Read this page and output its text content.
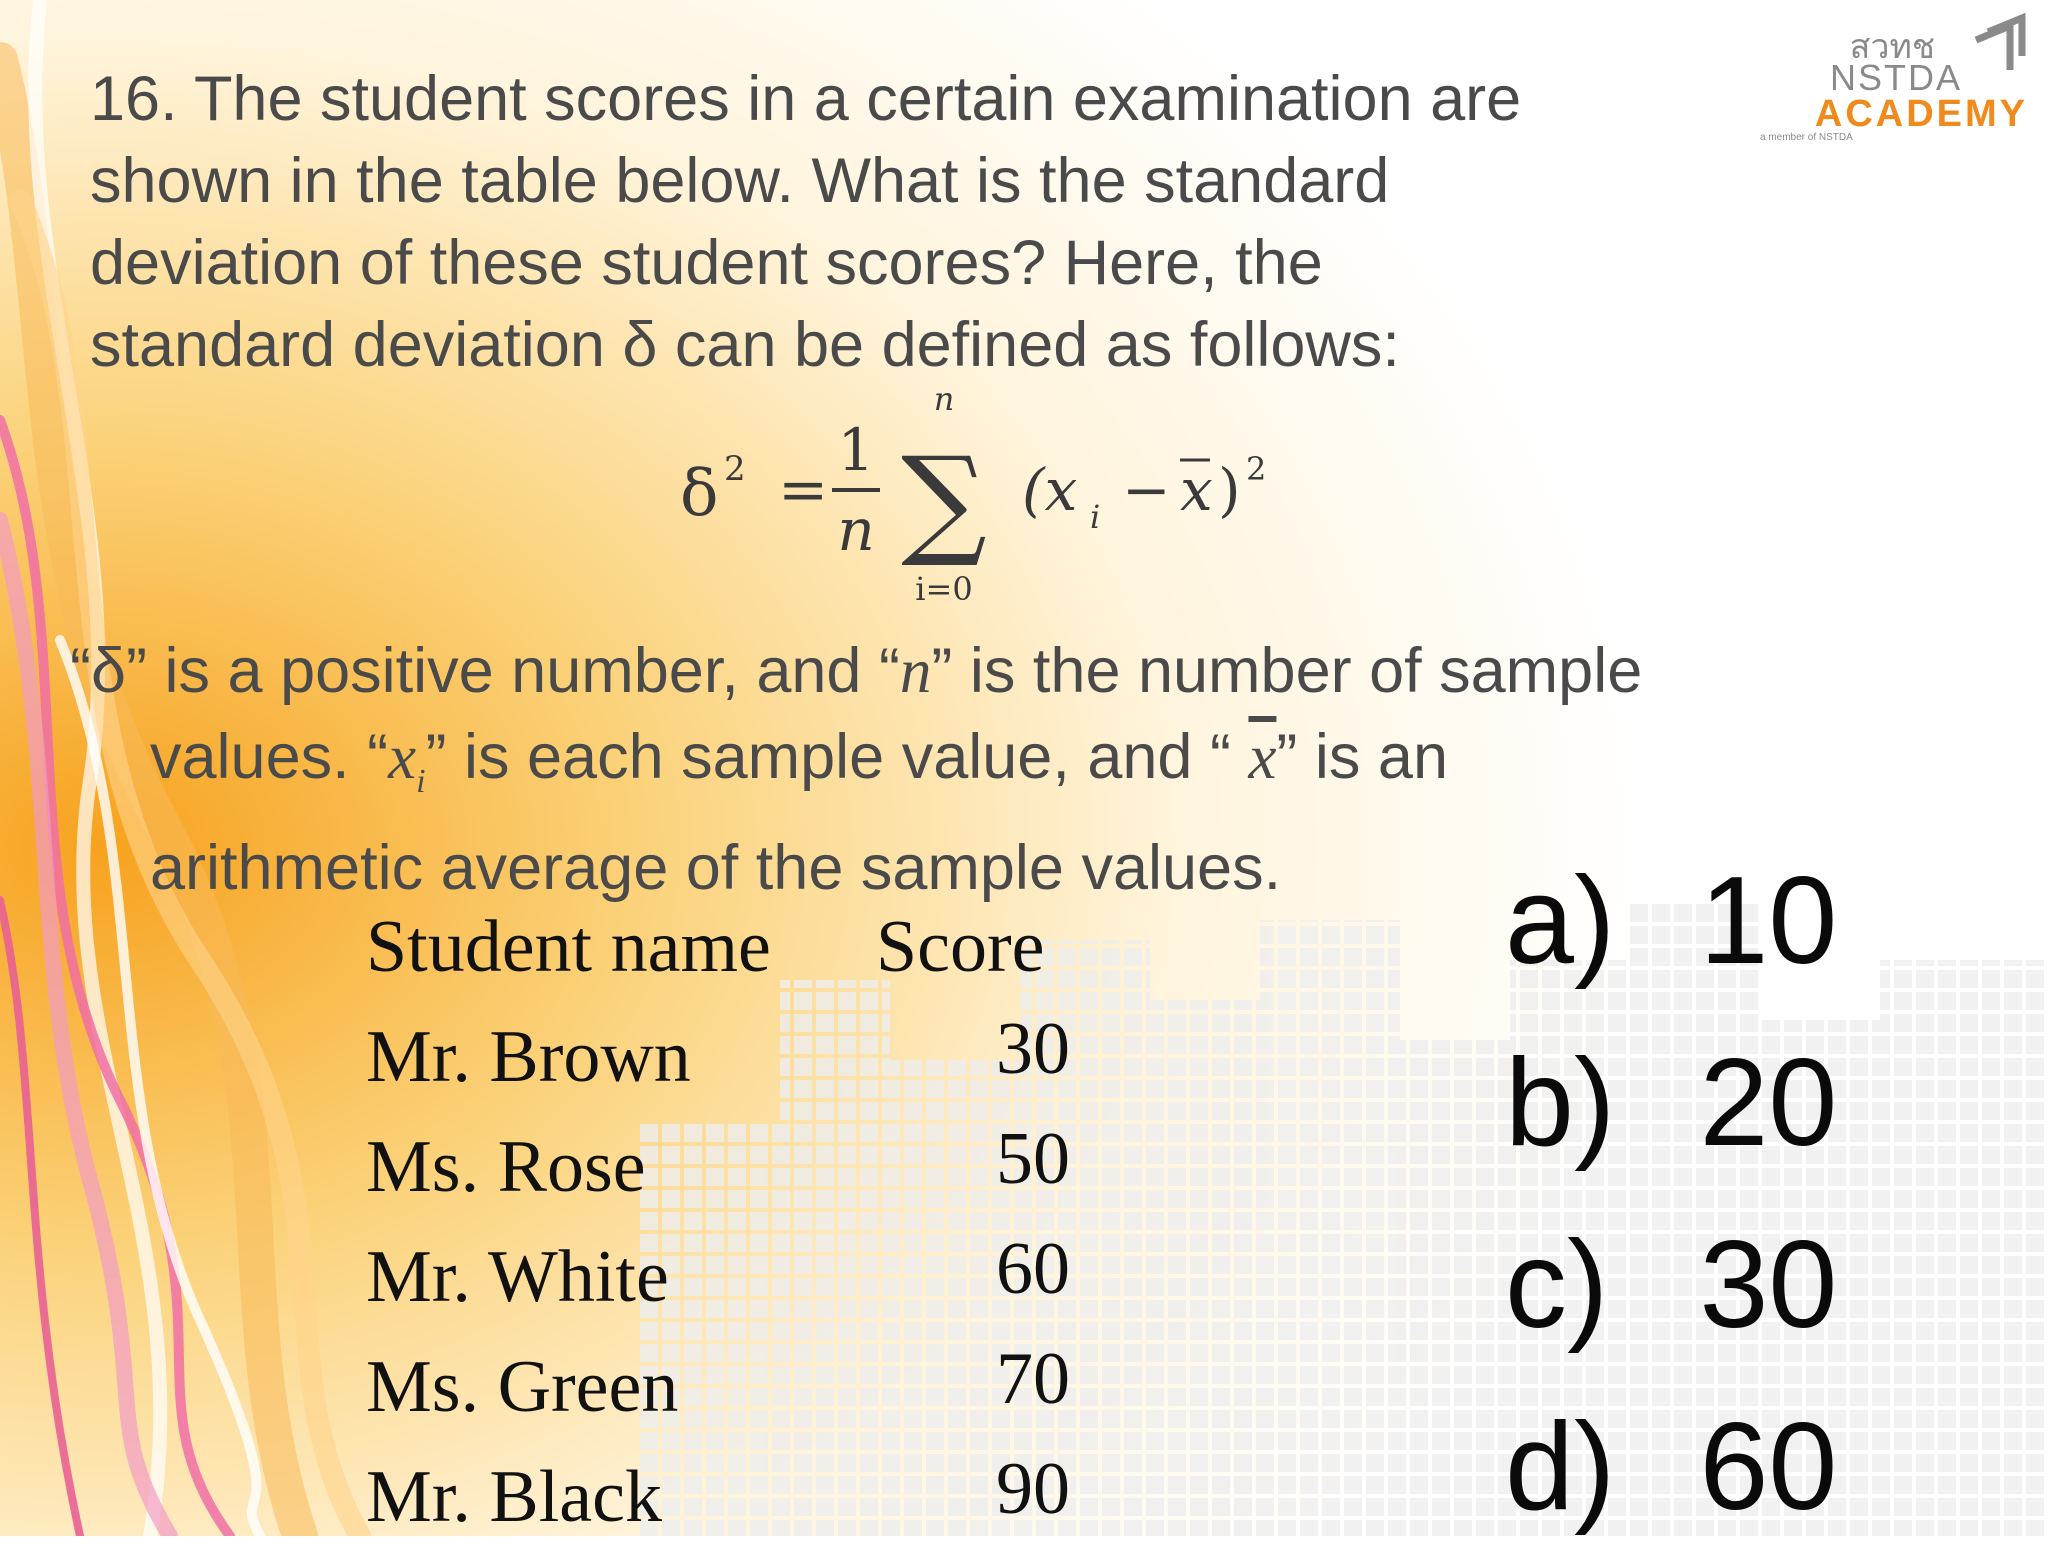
สวทช
NSTDA
ACADEMY
a member of NSTDA
16. The student scores in a certain examination are
shown in the table below. What is the standard
deviation of these student scores? Here, the
standard deviation δ can be defined as follows:
δ 2 =
1
n
n
∑
i=0
(x i − x ) 2
“δ” is a positive number, and “n” is the number of sample
values. “$x_i$” is each sample value, and “ $\overline{x}$” is an
arithmetic average of the sample values.
Student name Score
Mr. Brown	30
Ms. Rose	50
Mr. White	60
Ms. Green	70
Mr. Black	90
a) 10
b) 20
c) 30
d) 60
